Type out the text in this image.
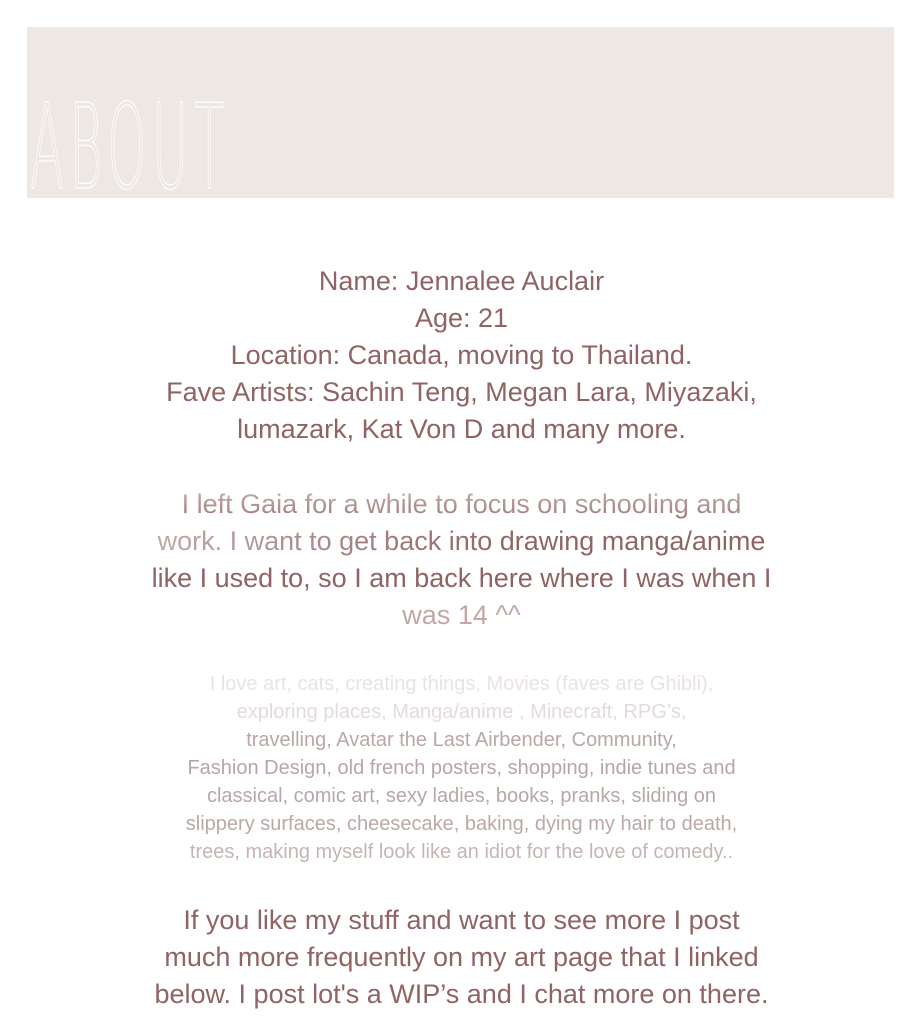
ABOUT
Name: Jennalee Auclair
Age: 21
Location: Canada, moving to Thailand.
Fave Artists: Sachin Teng, Megan Lara, Miyazaki,
lumazark, Kat Von D and many more.
I left Gaia for a while to focus on schooling and
work. I want to get back into drawing manga/anime
like I used to, so I am back here where I was when I
was 14 ^^
I love art, cats, creating things, Movies (faves are Ghibli),
exploring places, Manga/anime , Minecraft, RPG’s,
travelling, Avatar the Last Airbender, Community,
Fashion Design, old french posters, shopping, indie tunes and
classical, comic art, sexy ladies, books, pranks, sliding on
slippery surfaces, cheesecake, baking, dying my hair to death,
trees, making myself look like an idiot for the love of comedy..
If you like my stuff and want to see more I post
much more frequently on my art page that I linked
below. I post lot's a WIP’s and I chat more on there.
